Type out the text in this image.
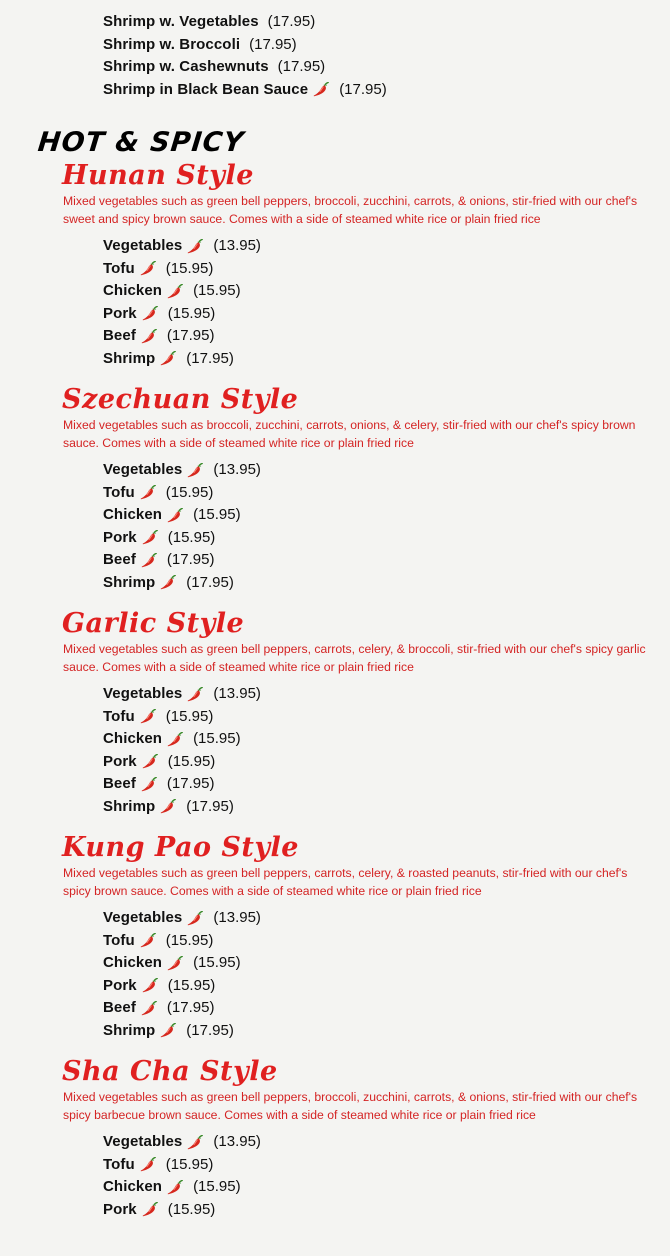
Shrimp w. Vegetables (17.95)
Shrimp w. Broccoli (17.95)
Shrimp w. Cashewnuts (17.95)
Shrimp in Black Bean Sauce (17.95)
HOT & SPICY
Hunan Style

Mixed vegetables such as green bell peppers, broccoli, zucchini, carrots, & onions, stir-fried with our chef's sweet and spicy brown sauce. Comes with a side of steamed white rice or plain fried rice

Vegetables (13.95)
Tofu (15.95)
Chicken (15.95)
Pork (15.95)
Beef (17.95)
Shrimp (17.95)
Szechuan Style

Mixed vegetables such as broccoli, zucchini, carrots, onions, & celery, stir-fried with our chef's spicy brown sauce. Comes with a side of steamed white rice or plain fried rice

Vegetables (13.95)
Tofu (15.95)
Chicken (15.95)
Pork (15.95)
Beef (17.95)
Shrimp (17.95)
Garlic Style

Mixed vegetables such as green bell peppers, carrots, celery, & broccoli, stir-fried with our chef's spicy garlic sauce. Comes with a side of steamed white rice or plain fried rice

Vegetables (13.95)
Tofu (15.95)
Chicken (15.95)
Pork (15.95)
Beef (17.95)
Shrimp (17.95)
Kung Pao Style

Mixed vegetables such as green bell peppers, carrots, celery, & roasted peanuts, stir-fried with our chef's spicy brown sauce. Comes with a side of steamed white rice or plain fried rice

Vegetables (13.95)
Tofu (15.95)
Chicken (15.95)
Pork (15.95)
Beef (17.95)
Shrimp (17.95)
Sha Cha Style

Mixed vegetables such as green bell peppers, broccoli, zucchini, carrots, & onions, stir-fried with our chef's spicy barbecue brown sauce. Comes with a side of steamed white rice or plain fried rice

Vegetables (13.95)
Tofu (15.95)
Chicken (15.95)
Pork (15.95)
